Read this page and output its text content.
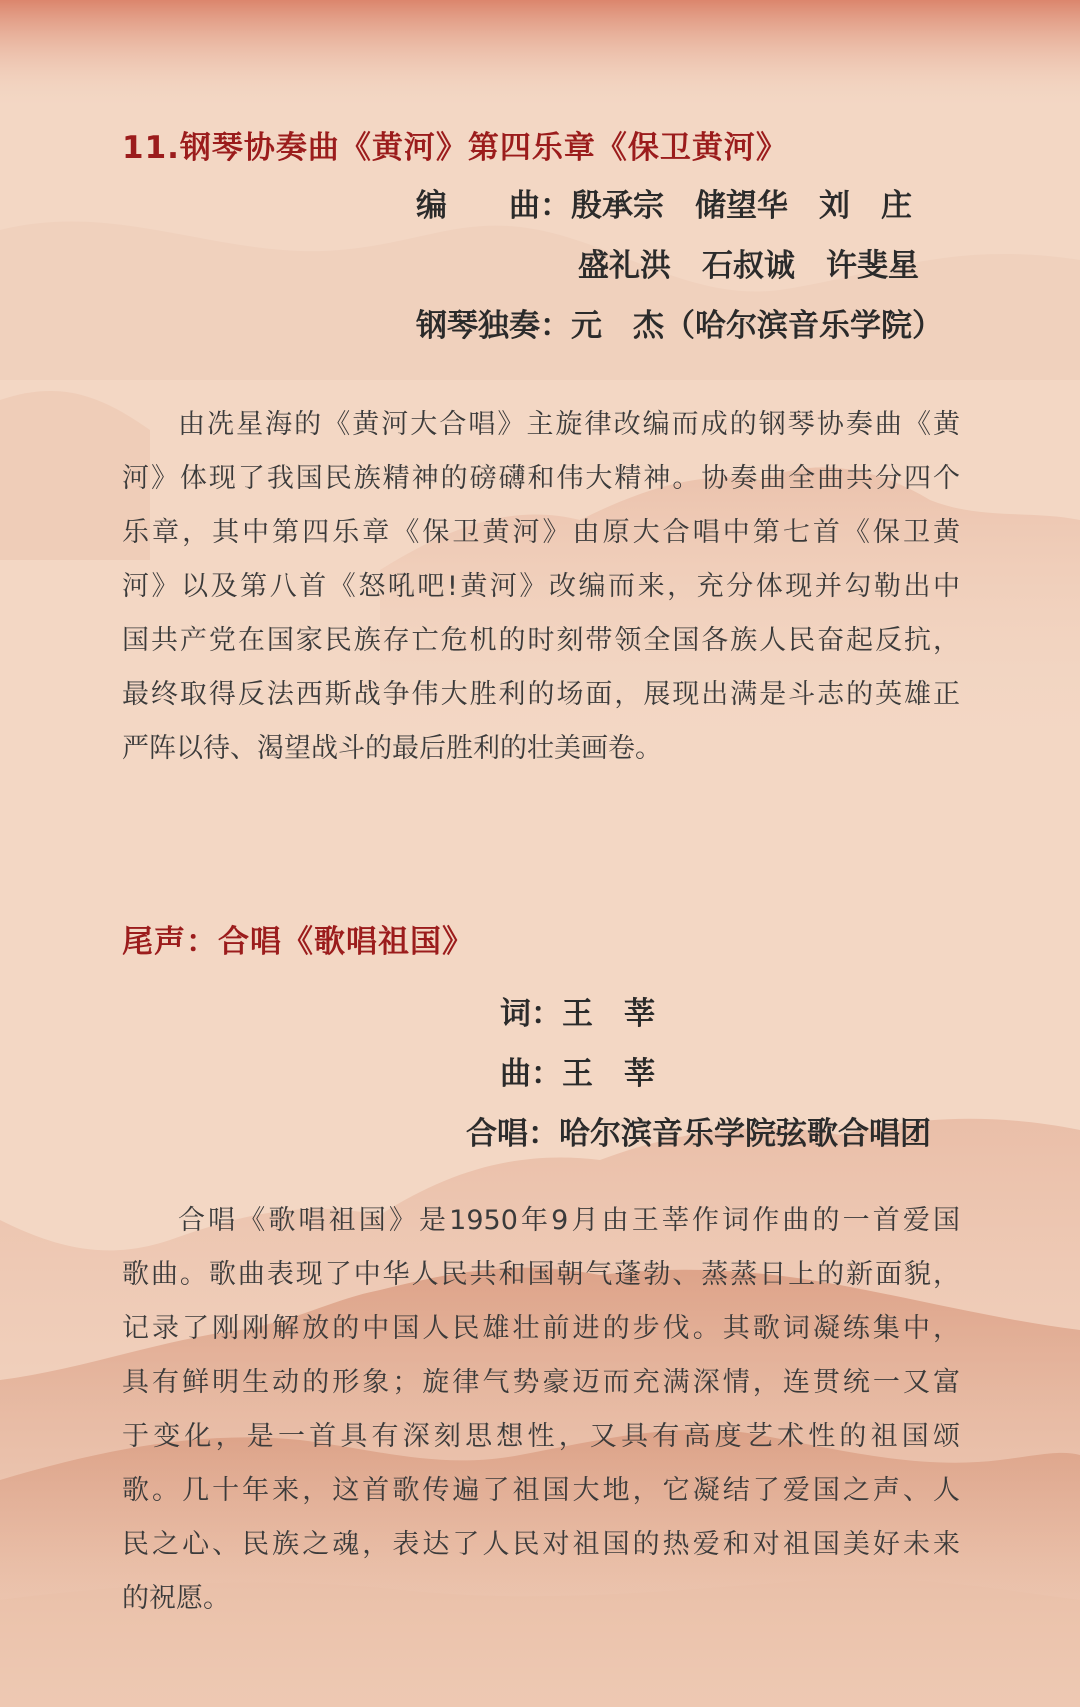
11.钢琴协奏曲《黄河》第四乐章《保卫黄河》
编　　曲：殷承宗　储望华　刘　庄
盛礼洪　石叔诚　许斐星
钢琴独奏：元　杰（哈尔滨音乐学院）
由冼星海的《黄河大合唱》主旋律改编而成的钢琴协奏曲《黄
河》体现了我国民族精神的磅礴和伟大精神。协奏曲全曲共分四个
乐章，其中第四乐章《保卫黄河》由原大合唱中第七首《保卫黄
河》以及第八首《怒吼吧!黄河》改编而来，充分体现并勾勒出中
国共产党在国家民族存亡危机的时刻带领全国各族人民奋起反抗，
最终取得反法西斯战争伟大胜利的场面，展现出满是斗志的英雄正
严阵以待、渴望战斗的最后胜利的壮美画卷。
尾声：合唱《歌唱祖国》
词：王　莘
曲：王　莘
合唱：哈尔滨音乐学院弦歌合唱团
合唱《歌唱祖国》是1950年9月由王莘作词作曲的一首爱国
歌曲。歌曲表现了中华人民共和国朝气蓬勃、蒸蒸日上的新面貌，
记录了刚刚解放的中国人民雄壮前进的步伐。其歌词凝练集中，
具有鲜明生动的形象；旋律气势豪迈而充满深情，连贯统一又富
于变化，是一首具有深刻思想性，又具有高度艺术性的祖国颂
歌。几十年来，这首歌传遍了祖国大地，它凝结了爱国之声、人
民之心、民族之魂，表达了人民对祖国的热爱和对祖国美好未来
的祝愿。
